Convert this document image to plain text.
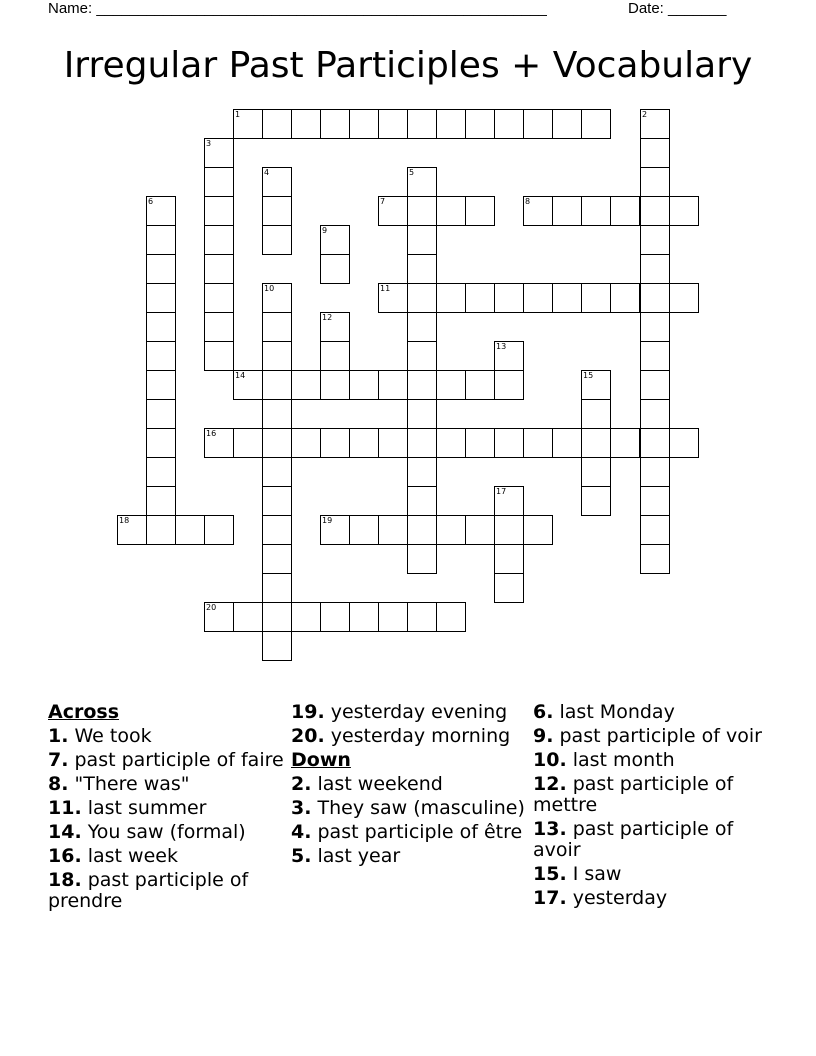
Name: ______________________________________________________	Date: _______
Irregular Past Participles + Vocabulary
1	2
3
4	5
6	7	8
9
10	11
12
13
14	15
16
17
18	19
20
Across
1. We took
7. past participle of faire
8. "There was"
11. last summer
14. You saw (formal)
16. last week
18. past participle of prendre
19. yesterday evening
20. yesterday morning
Down
2. last weekend
3. They saw (masculine)
4. past participle of être
5. last year
6. last Monday
9. past participle of voir
10. last month
12. past participle of mettre
13. past participle of avoir
15. I saw
17. yesterday
